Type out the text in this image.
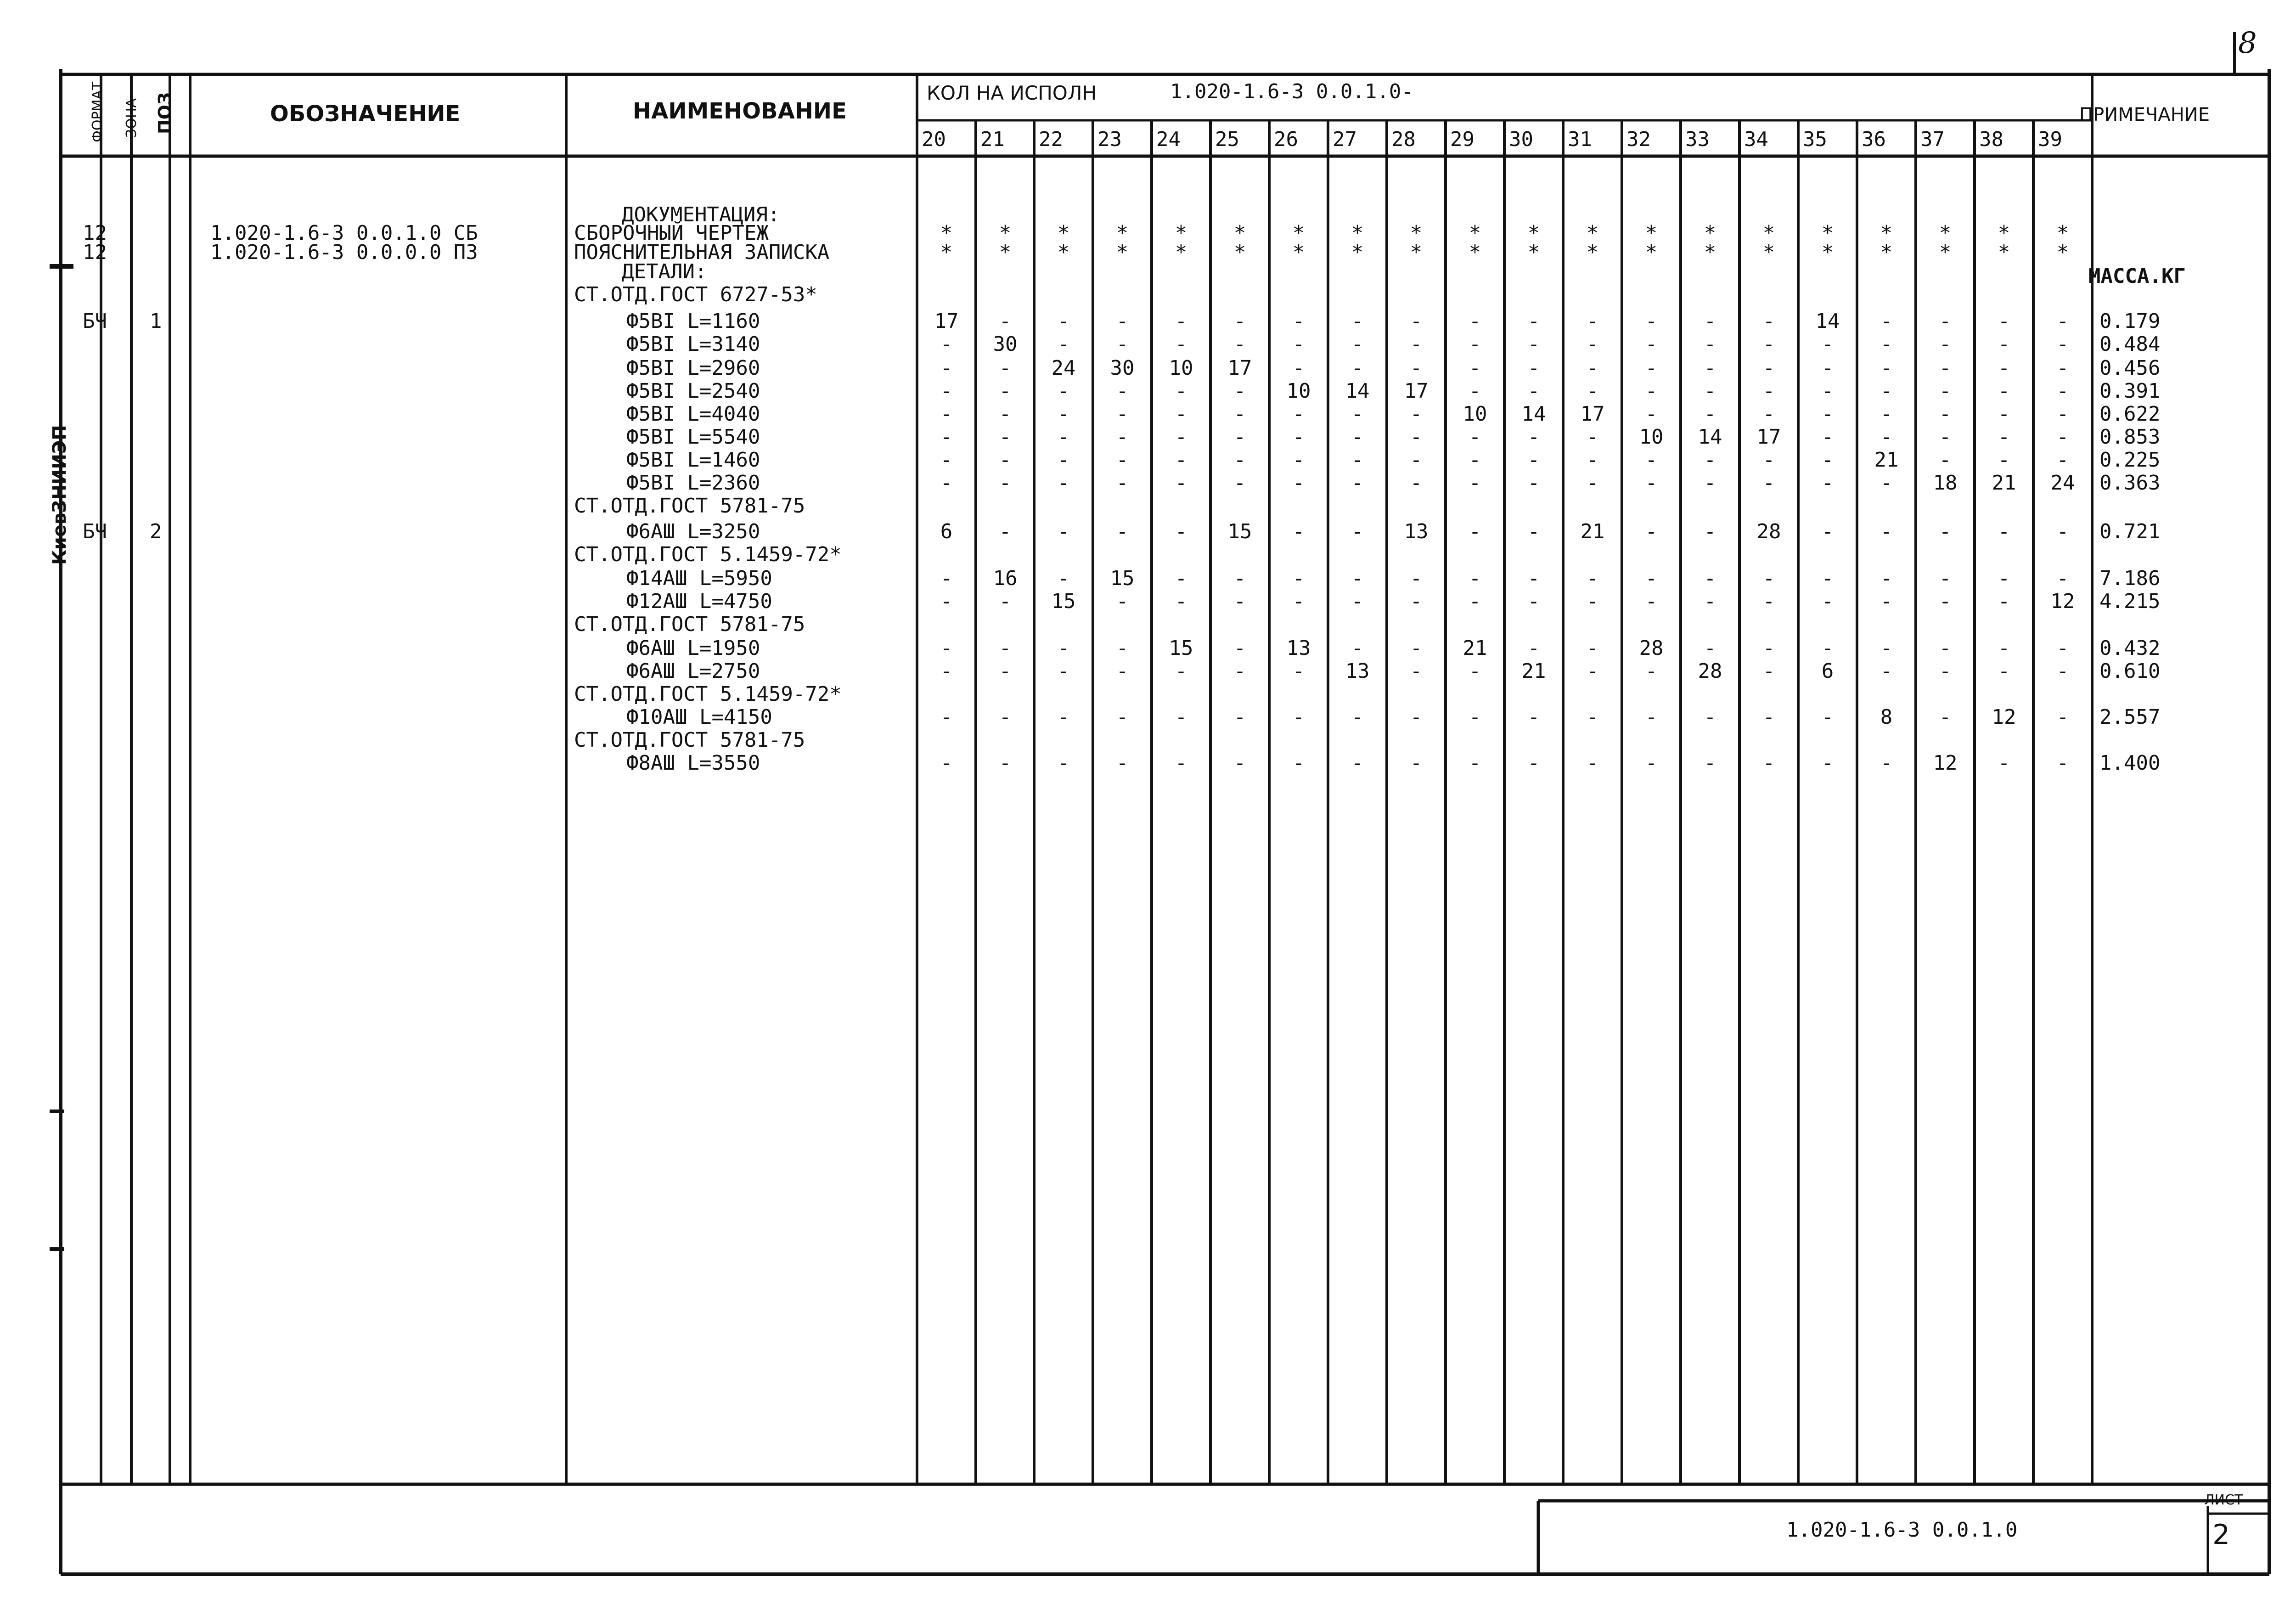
8
ФОРМАТ ЗОНА ПОЗ	ОБОЗНАЧЕНИЕ	НАИМЕНОВАНИЕ
КОЛ НА ИСПОЛН	1.020-1.6-3 0.0.1.0-
ПРИМЕЧАНИЕ
20 21 22 23 24 25 26 27 28 29 30 31 32 33 34 35 36 37 38 39
МАССА.КГ
ДОКУМЕНТАЦИЯ:
12	1.020-1.6-3 0.0.1.0 СБ	СБОРОЧНЫЙ ЧЕРТЕЖ	*	*	*	*	*	*	*	*	*	*	*	*	*	*	*	*	*	*	*	*
12	1.020-1.6-3 0.0.0.0 ПЗ	ПОЯСНИТЕЛЬНАЯ ЗАПИСКА	*	*	*	*	*	*	*	*	*	*	*	*	*	*	*	*	*	*	*	*
ДЕТАЛИ:
СТ.ОТД.ГОСТ 6727-53*
БЧ 1	Ф5ВI L=1160	17	-	-	-	-	-	-	-	-	-	-	-	-	-	-	14	-	-	-	-	0.179
Ф5ВI L=3140	-	30	-	-	-	-	-	-	-	-	-	-	-	-	-	-	-	-	-	-	0.484
Ф5ВI L=2960	-	-	24	30	10	17	-	-	-	-	-	-	-	-	-	-	-	-	-	-	0.456
Ф5ВI L=2540	-	-	-	-	-	-	10	14	17	-	-	-	-	-	-	-	-	-	-	-	0.391
Ф5ВI L=4040	-	-	-	-	-	-	-	-	-	10	14	17	-	-	-	-	-	-	-	-	0.622
Ф5ВI L=5540	-	-	-	-	-	-	-	-	-	-	-	-	10	14	17	-	-	-	-	-	0.853
Ф5ВI L=1460	-	-	-	-	-	-	-	-	-	-	-	-	-	-	-	-	21	-	-	-	0.225
Ф5ВI L=2360	-	-	-	-	-	-	-	-	-	-	-	-	-	-	-	-	-	18	21	24	0.363
СТ.ОТД.ГОСТ 5781-75
БЧ 2	Ф6АШ L=3250	6	-	-	-	-	15	-	-	13	-	-	21	-	-	28	-	-	-	-	-	0.721
СТ.ОТД.ГОСТ 5.1459-72*
Ф14АШ L=5950	-	16	-	15	-	-	-	-	-	-	-	-	-	-	-	-	-	-	-	-	7.186
Ф12АШ L=4750	-	-	15	-	-	-	-	-	-	-	-	-	-	-	-	-	-	-	-	12	4.215
СТ.ОТД.ГОСТ 5781-75
Ф6АШ L=1950	-	-	-	-	15	-	13	-	-	21	-	-	28	-	-	-	-	-	-	-	0.432
Ф6АШ L=2750	-	-	-	-	-	-	-	13	-	-	21	-	-	28	-	6	-	-	-	-	0.610
СТ.ОТД.ГОСТ 5.1459-72*
Ф10АШ L=4150	-	-	-	-	-	-	-	-	-	-	-	-	-	-	-	-	8	-	12	-	2.557
СТ.ОТД.ГОСТ 5781-75
Ф8АШ L=3550	-	-	-	-	-	-	-	-	-	-	-	-	-	-	-	-	-	12	-	-	1.400
КиевЗНИИЭП
1.020-1.6-3 0.0.1.0
ЛИСТ
2
